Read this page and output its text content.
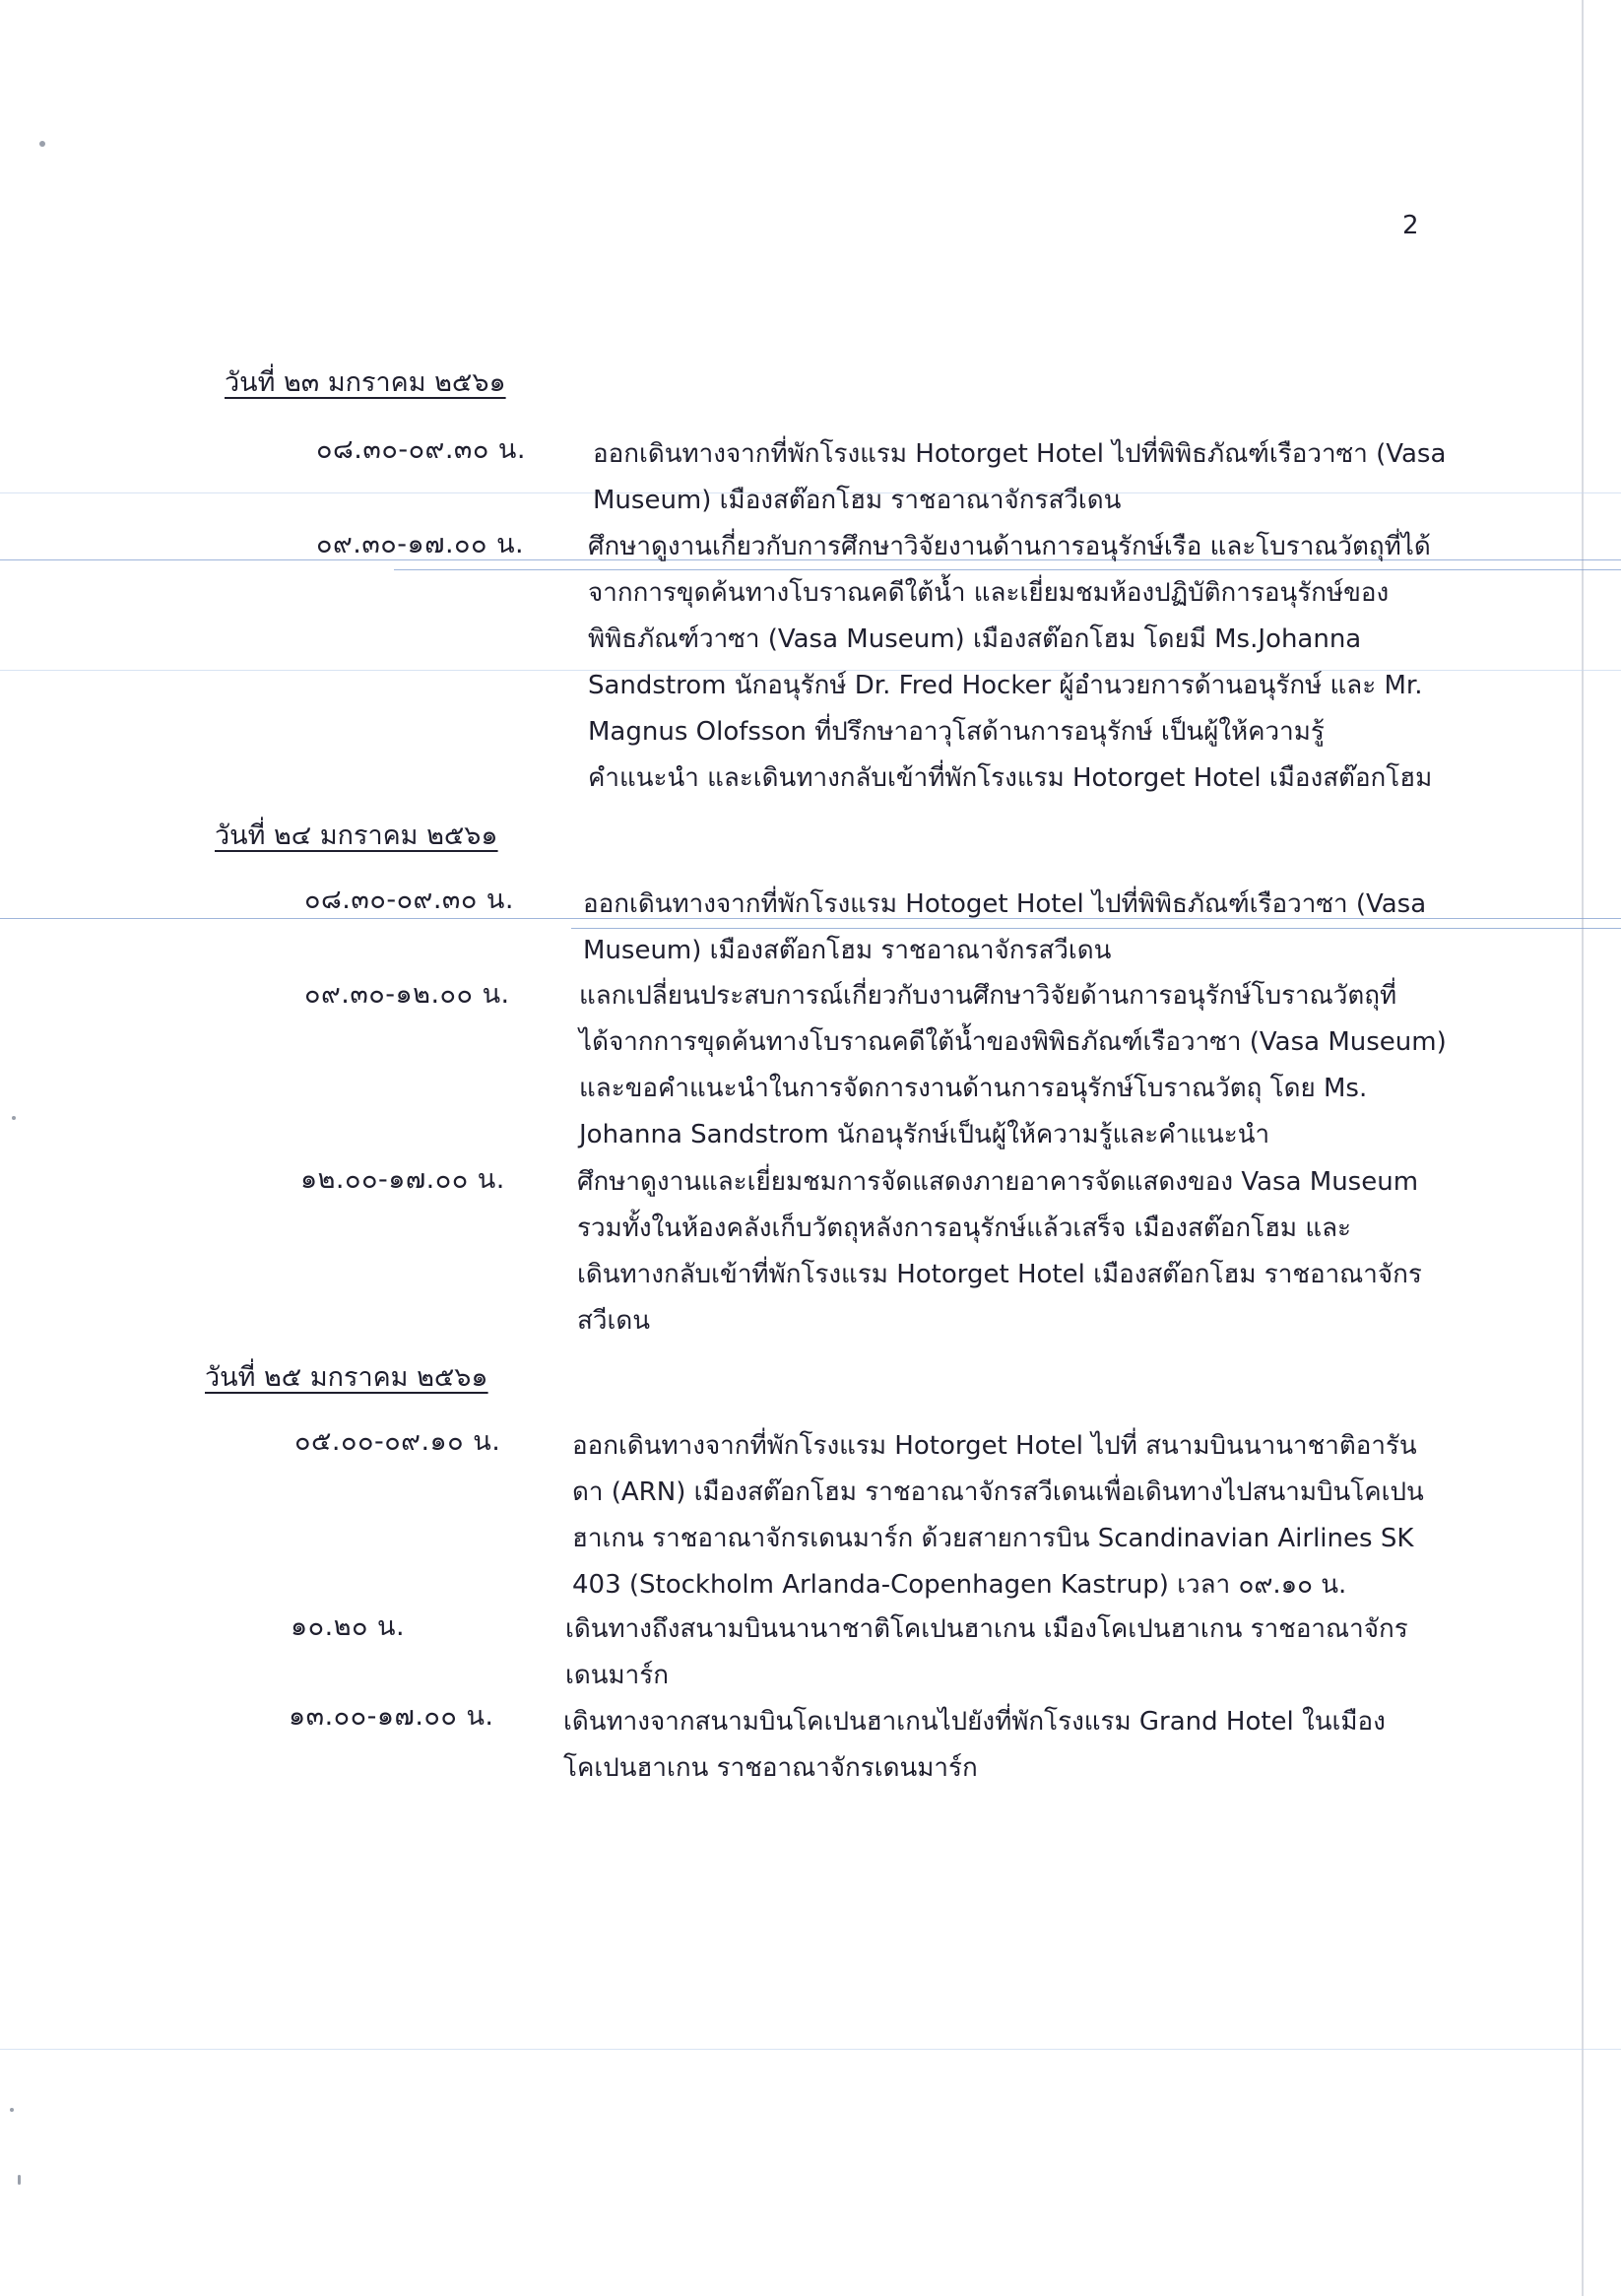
2
วันที่ ๒๓ มกราคม ๒๕๖๑
๐๘.๓๐-๐๙.๓๐ น.	ออกเดินทางจากที่พักโรงแรม Hotorget Hotel ไปที่พิพิธภัณฑ์เรือวาซา (Vasa
Museum) เมืองสต๊อกโฮม ราชอาณาจักรสวีเดน
๐๙.๓๐-๑๗.๐๐ น. ศึกษาดูงานเกี่ยวกับการศึกษาวิจัยงานด้านการอนุรักษ์เรือ และโบราณวัตถุที่ได้
จากการขุดค้นทางโบราณคดีใต้น้ำ และเยี่ยมชมห้องปฏิบัติการอนุรักษ์ของ
พิพิธภัณฑ์วาซา (Vasa Museum) เมืองสต๊อกโฮม โดยมี Ms.Johanna
Sandstrom นักอนุรักษ์ Dr. Fred Hocker ผู้อำนวยการด้านอนุรักษ์ และ Mr.
Magnus Olofsson ที่ปรึกษาอาวุโสด้านการอนุรักษ์ เป็นผู้ให้ความรู้
คำแนะนำ และเดินทางกลับเข้าที่พักโรงแรม Hotorget Hotel เมืองสต๊อกโฮม
วันที่ ๒๔ มกราคม ๒๕๖๑
๐๘.๓๐-๐๙.๓๐ น.	ออกเดินทางจากที่พักโรงแรม Hotoget Hotel ไปที่พิพิธภัณฑ์เรือวาซา (Vasa
Museum) เมืองสต๊อกโฮม ราชอาณาจักรสวีเดน
๐๙.๓๐-๑๒.๐๐ น.	แลกเปลี่ยนประสบการณ์เกี่ยวกับงานศึกษาวิจัยด้านการอนุรักษ์โบราณวัตถุที่
ได้จากการขุดค้นทางโบราณคดีใต้น้ำของพิพิธภัณฑ์เรือวาซา (Vasa Museum)
และขอคำแนะนำในการจัดการงานด้านการอนุรักษ์โบราณวัตถุ โดย Ms.
Johanna Sandstrom นักอนุรักษ์เป็นผู้ให้ความรู้และคำแนะนำ
๑๒.๐๐-๑๗.๐๐ น.	ศึกษาดูงานและเยี่ยมชมการจัดแสดงภายอาคารจัดแสดงของ Vasa Museum
รวมทั้งในห้องคลังเก็บวัตถุหลังการอนุรักษ์แล้วเสร็จ เมืองสต๊อกโฮม และ
เดินทางกลับเข้าที่พักโรงแรม Hotorget Hotel เมืองสต๊อกโฮม ราชอาณาจักร
สวีเดน
วันที่ ๒๕ มกราคม ๒๕๖๑
๐๕.๐๐-๐๙.๑๐ น.	ออกเดินทางจากที่พักโรงแรม Hotorget Hotel ไปที่ สนามบินนานาชาติอารัน
ดา (ARN) เมืองสต๊อกโฮม ราชอาณาจักรสวีเดนเพื่อเดินทางไปสนามบินโคเปน
ฮาเกน ราชอาณาจักรเดนมาร์ก ด้วยสายการบิน Scandinavian Airlines SK
403 (Stockholm Arlanda-Copenhagen Kastrup) เวลา ๐๙.๑๐ น.
๑๐.๒๐ น.	เดินทางถึงสนามบินนานาชาติโคเปนฮาเกน เมืองโคเปนฮาเกน ราชอาณาจักร
เดนมาร์ก
๑๓.๐๐-๑๗.๐๐ น.	เดินทางจากสนามบินโคเปนฮาเกนไปยังที่พักโรงแรม Grand Hotel ในเมือง
โคเปนฮาเกน ราชอาณาจักรเดนมาร์ก
